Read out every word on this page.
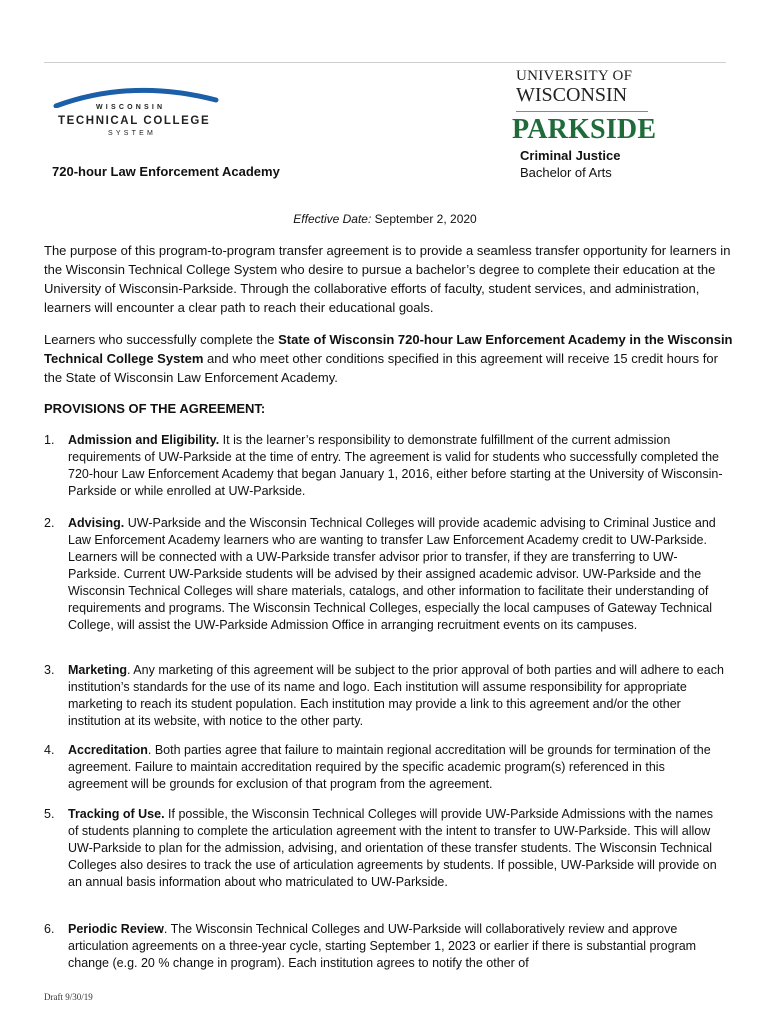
WISCONSIN
TECHNICAL COLLEGE
SYSTEM
720-hour Law Enforcement Academy
UNIVERSITY OF
WISCONSIN
PARKSIDE
Criminal Justice
Bachelor of Arts
Effective Date: September 2, 2020

The purpose of this program-to-program transfer agreement is to provide a seamless transfer opportunity for learners in the Wisconsin Technical College System who desire to pursue a bachelor’s degree to complete their education at the University of Wisconsin-Parkside. Through the collaborative efforts of faculty, student services, and administration, learners will encounter a clear path to reach their educational goals.

Learners who successfully complete the State of Wisconsin 720-hour Law Enforcement Academy in the Wisconsin Technical College System and who meet other conditions specified in this agreement will receive 15 credit hours for the State of Wisconsin Law Enforcement Academy.

PROVISIONS OF THE AGREEMENT:

1. Admission and Eligibility. It is the learner’s responsibility to demonstrate fulfillment of the current admission requirements of UW-Parkside at the time of entry. The agreement is valid for students who successfully completed the 720-hour Law Enforcement Academy that began January 1, 2016, either before starting at the University of Wisconsin-Parkside or while enrolled at UW-Parkside.

2. Advising. UW-Parkside and the Wisconsin Technical Colleges will provide academic advising to Criminal Justice and Law Enforcement Academy learners who are wanting to transfer Law Enforcement Academy credit to UW-Parkside. Learners will be connected with a UW-Parkside transfer advisor prior to transfer, if they are transferring to UW-Parkside. Current UW-Parkside students will be advised by their assigned academic advisor. UW-Parkside and the Wisconsin Technical Colleges will share materials, catalogs, and other information to facilitate their understanding of requirements and programs. The Wisconsin Technical Colleges, especially the local campuses of Gateway Technical College, will assist the UW-Parkside Admission Office in arranging recruitment events on its campuses.

3. Marketing. Any marketing of this agreement will be subject to the prior approval of both parties and will adhere to each institution’s standards for the use of its name and logo. Each institution will assume responsibility for appropriate marketing to reach its student population. Each institution may provide a link to this agreement and/or the other institution at its website, with notice to the other party.

4. Accreditation. Both parties agree that failure to maintain regional accreditation will be grounds for termination of the agreement. Failure to maintain accreditation required by the specific academic program(s) referenced in this agreement will be grounds for exclusion of that program from the agreement.

5. Tracking of Use. If possible, the Wisconsin Technical Colleges will provide UW-Parkside Admissions with the names of students planning to complete the articulation agreement with the intent to transfer to UW-Parkside. This will allow UW-Parkside to plan for the admission, advising, and orientation of these transfer students. The Wisconsin Technical Colleges also desires to track the use of articulation agreements by students. If possible, UW-Parkside will provide on an annual basis information about who matriculated to UW-Parkside.

6. Periodic Review. The Wisconsin Technical Colleges and UW-Parkside will collaboratively review and approve articulation agreements on a three-year cycle, starting September 1, 2023 or earlier if there is substantial program change (e.g. 20 % change in program). Each institution agrees to notify the other of

Draft 9/30/19
